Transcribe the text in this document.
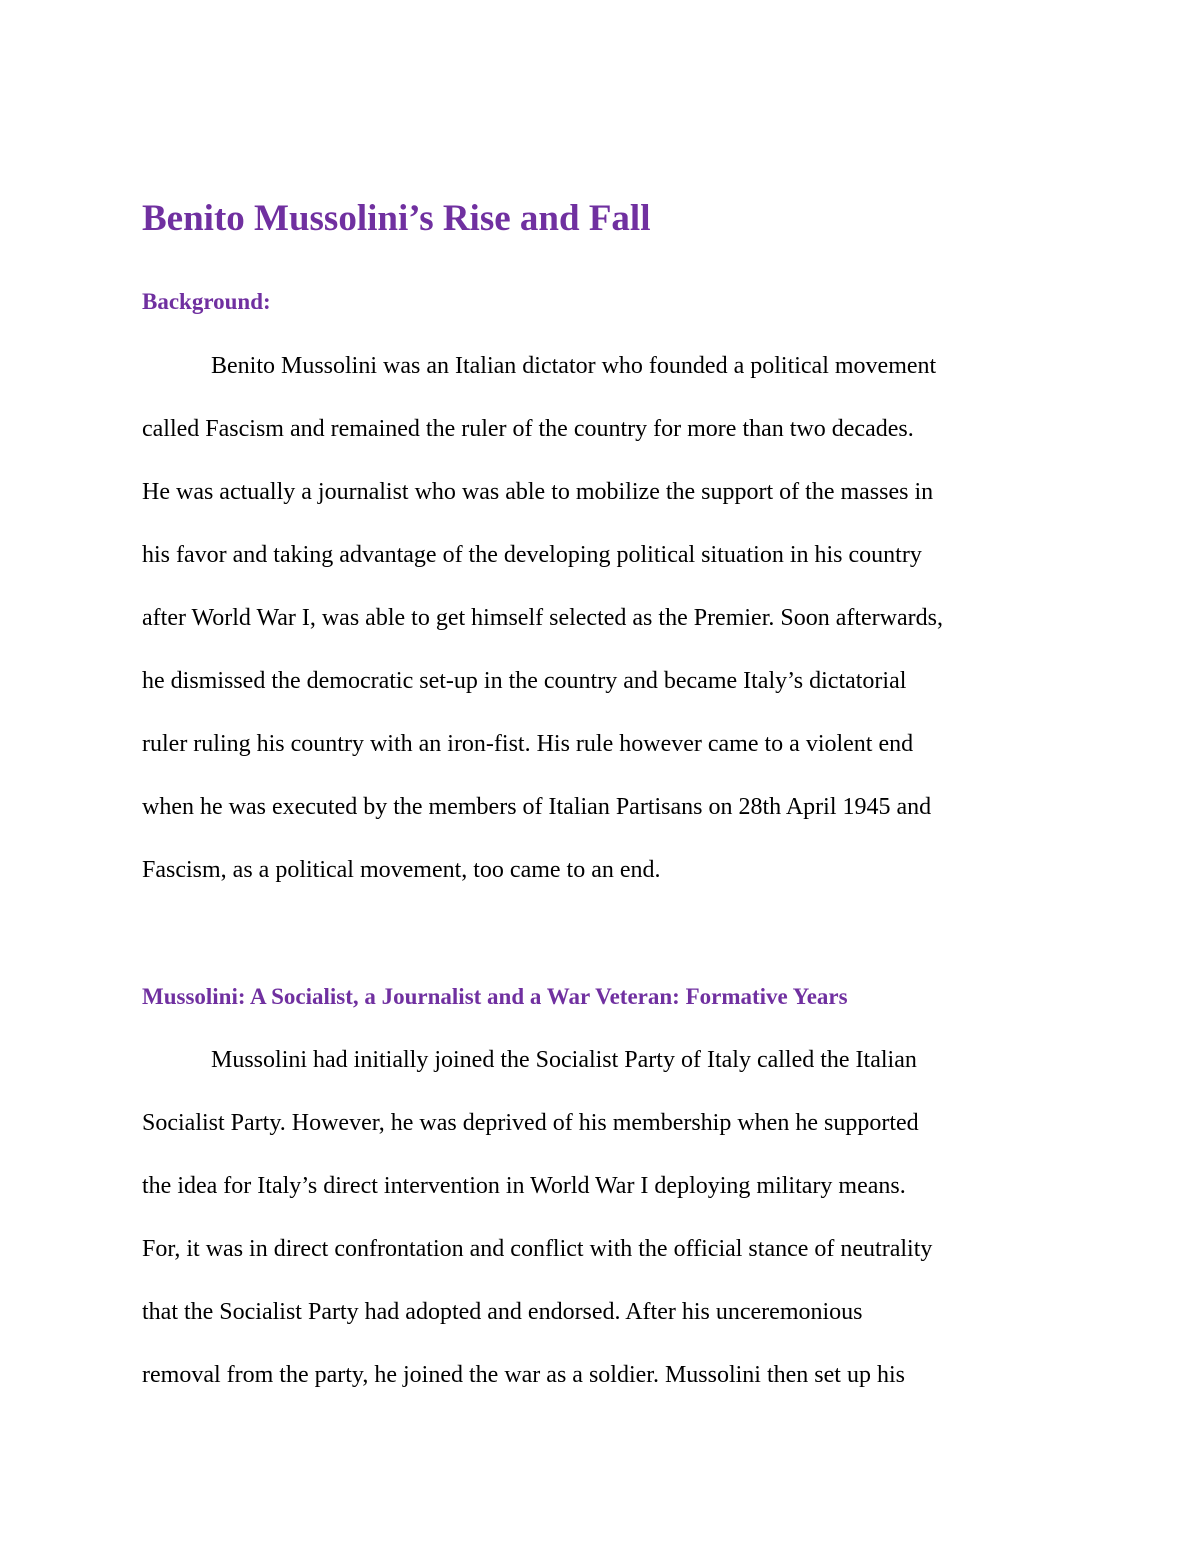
Benito Mussolini’s Rise and Fall
Background:

Benito Mussolini was an Italian dictator who founded a political movement

called Fascism and remained the ruler of the country for more than two decades.

He was actually a journalist who was able to mobilize the support of the masses in

his favor and taking advantage of the developing political situation in his country

after World War I, was able to get himself selected as the Premier. Soon afterwards,

he dismissed the democratic set-up in the country and became Italy’s dictatorial

ruler ruling his country with an iron-fist. His rule however came to a violent end

when he was executed by the members of Italian Partisans on 28th April 1945 and

Fascism, as a political movement, too came to an end.

Mussolini: A Socialist, a Journalist and a War Veteran: Formative Years

Mussolini had initially joined the Socialist Party of Italy called the Italian

Socialist Party. However, he was deprived of his membership when he supported

the idea for Italy’s direct intervention in World War I deploying military means.

For, it was in direct confrontation and conflict with the official stance of neutrality

that the Socialist Party had adopted and endorsed. After his unceremonious

removal from the party, he joined the war as a soldier. Mussolini then set up his
